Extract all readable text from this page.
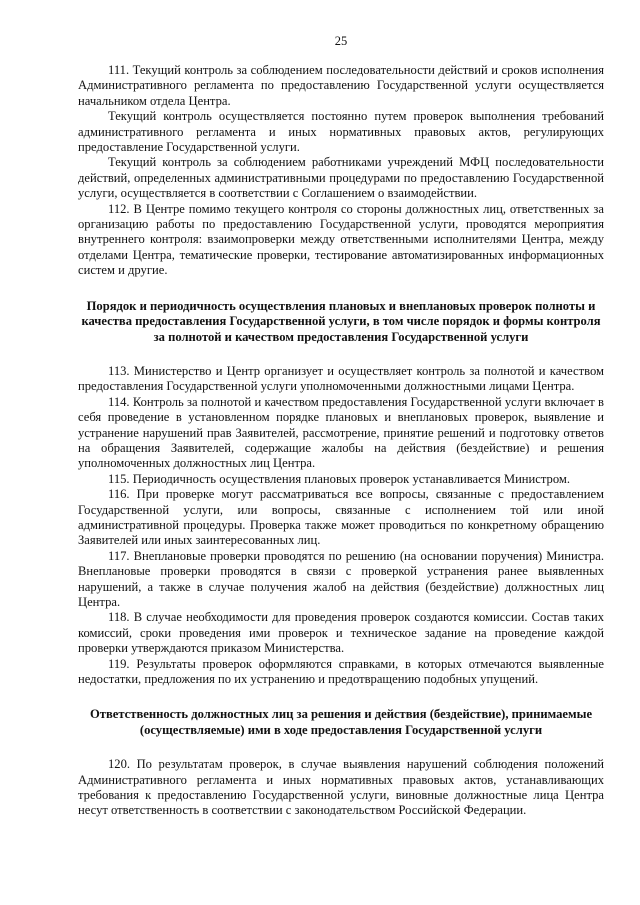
25

111. Текущий контроль за соблюдением последовательности действий и сроков исполнения Административного регламента по предоставлению Государственной услуги осуществляется начальником отдела Центра.

Текущий контроль осуществляется постоянно путем проверок выполнения требований административного регламента и иных нормативных правовых актов, регулирующих предоставление Государственной услуги.

Текущий контроль за соблюдением работниками учреждений МФЦ последовательности действий, определенных административными процедурами по предоставлению Государственной услуги, осуществляется в соответствии с Соглашением о взаимодействии.

112. В Центре помимо текущего контроля со стороны должностных лиц, ответственных за организацию работы по предоставлению Государственной услуги, проводятся мероприятия внутреннего контроля: взаимопроверки между ответственными исполнителями Центра, между отделами Центра, тематические проверки, тестирование автоматизированных информационных систем и другие.

Порядок и периодичность осуществления плановых и внеплановых проверок полноты и качества предоставления Государственной услуги, в том числе порядок и формы контроля за полнотой и качеством предоставления Государственной услуги

113. Министерство и Центр организует и осуществляет контроль за полнотой и качеством предоставления Государственной услуги уполномоченными должностными лицами Центра.

114. Контроль за полнотой и качеством предоставления Государственной услуги включает в себя проведение в установленном порядке плановых и внеплановых проверок, выявление и устранение нарушений прав Заявителей, рассмотрение, принятие решений и подготовку ответов на обращения Заявителей, содержащие жалобы на действия (бездействие) и решения уполномоченных должностных лиц Центра.

115. Периодичность осуществления плановых проверок устанавливается Министром.

116. При проверке могут рассматриваться все вопросы, связанные с предоставлением Государственной услуги, или вопросы, связанные с исполнением той или иной административной процедуры. Проверка также может проводиться по конкретному обращению Заявителей или иных заинтересованных лиц.

117. Внеплановые проверки проводятся по решению (на основании поручения) Министра. Внеплановые проверки проводятся в связи с проверкой устранения ранее выявленных нарушений, а также в случае получения жалоб на действия (бездействие) должностных лиц Центра.

118. В случае необходимости для проведения проверок создаются комиссии. Состав таких комиссий, сроки проведения ими проверок и техническое задание на проведение каждой проверки утверждаются приказом Министерства.

119. Результаты проверок оформляются справками, в которых отмечаются выявленные недостатки, предложения по их устранению и предотвращению подобных упущений.

Ответственность должностных лиц за решения и действия (бездействие), принимаемые (осуществляемые) ими в ходе предоставления Государственной услуги

120. По результатам проверок, в случае выявления нарушений соблюдения положений Административного регламента и иных нормативных правовых актов, устанавливающих требования к предоставлению Государственной услуги, виновные должностные лица Центра несут ответственность в соответствии с законодательством Российской Федерации.
